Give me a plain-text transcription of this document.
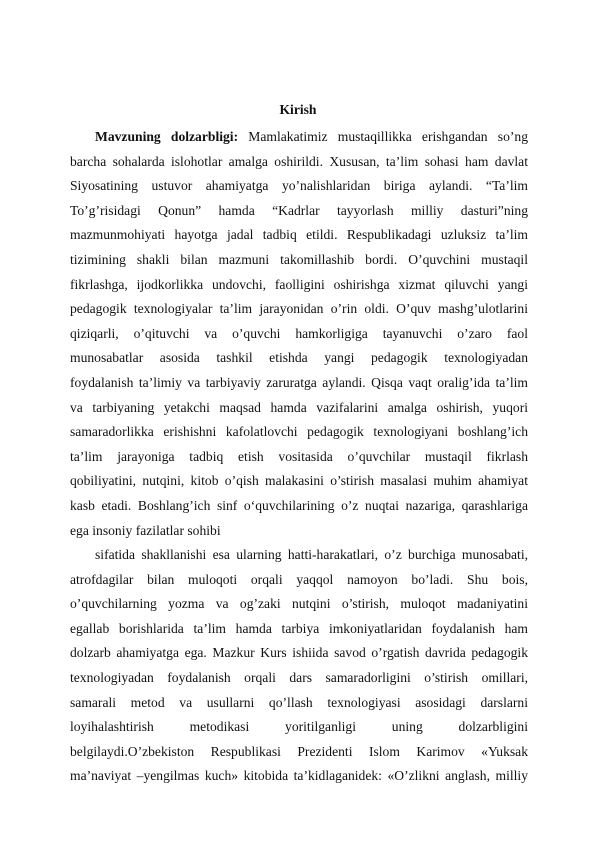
Kirish
Mavzuning dolzarbligi: Mamlakatimiz mustaqillikka erishgandan so’ng
barcha sohalarda islohotlar amalga oshirildi. Xususan, ta’lim sohasi ham davlat
Siyosatining ustuvor ahamiyatga yo’nalishlaridan biriga aylandi. “Ta’lim
To’g’risidagi Qonun” hamda “Kadrlar tayyorlash milliy dasturi”ning
mazmunmohiyati hayotga jadal tadbiq etildi. Respublikadagi uzluksiz ta’lim
tizimining shakli bilan mazmuni takomillashib bordi. O’quvchini mustaqil
fikrlashga, ijodkorlikka undovchi, faolligini oshirishga xizmat qiluvchi yangi
pedagogik texnologiyalar ta’lim jarayonidan o’rin oldi. O’quv mashg’ulotlarini
qiziqarli, o’qituvchi va o’quvchi hamkorligiga tayanuvchi o’zaro faol
munosabatlar asosida tashkil etishda yangi pedagogik texnologiyadan
foydalanish ta’limiy va tarbiyaviy zaruratga aylandi. Qisqa vaqt oralig’ida ta’lim
va tarbiyaning yetakchi maqsad hamda vazifalarini amalga oshirish, yuqori
samaradorlikka erishishni kafolatlovchi pedagogik texnologiyani boshlang’ich
ta’lim jarayoniga tadbiq etish vositasida o’quvchilar mustaqil fikrlash
qobiliyatini, nutqini, kitob o’qish malakasini o’stirish masalasi muhim ahamiyat
kasb etadi. Boshlang’ich sinf o‘quvchilarining o’z nuqtai nazariga, qarashlariga
ega insoniy fazilatlar sohibi
sifatida shakllanishi esa ularning hatti-harakatlari, o’z burchiga munosabati,
atrofdagilar bilan muloqoti orqali yaqqol namoyon bo’ladi. Shu bois,
o’quvchilarning yozma va og’zaki nutqini o’stirish, muloqot madaniyatini
egallab borishlarida ta’lim hamda tarbiya imkoniyatlaridan foydalanish ham
dolzarb ahamiyatga ega. Mazkur Kurs ishiida savod o’rgatish davrida pedagogik
texnologiyadan foydalanish orqali dars samaradorligini o’stirish omillari,
samarali metod va usullarni qo’llash texnologiyasi asosidagi darslarni
loyihalashtirish metodikasi yoritilganligi uning dolzarbligini
belgilaydi.O’zbekiston Respublikasi Prezidenti Islom Karimov «Yuksak
ma’naviyat –yengilmas kuch» kitobida ta’kidlaganidek: «O’zlikni anglash, milliy
